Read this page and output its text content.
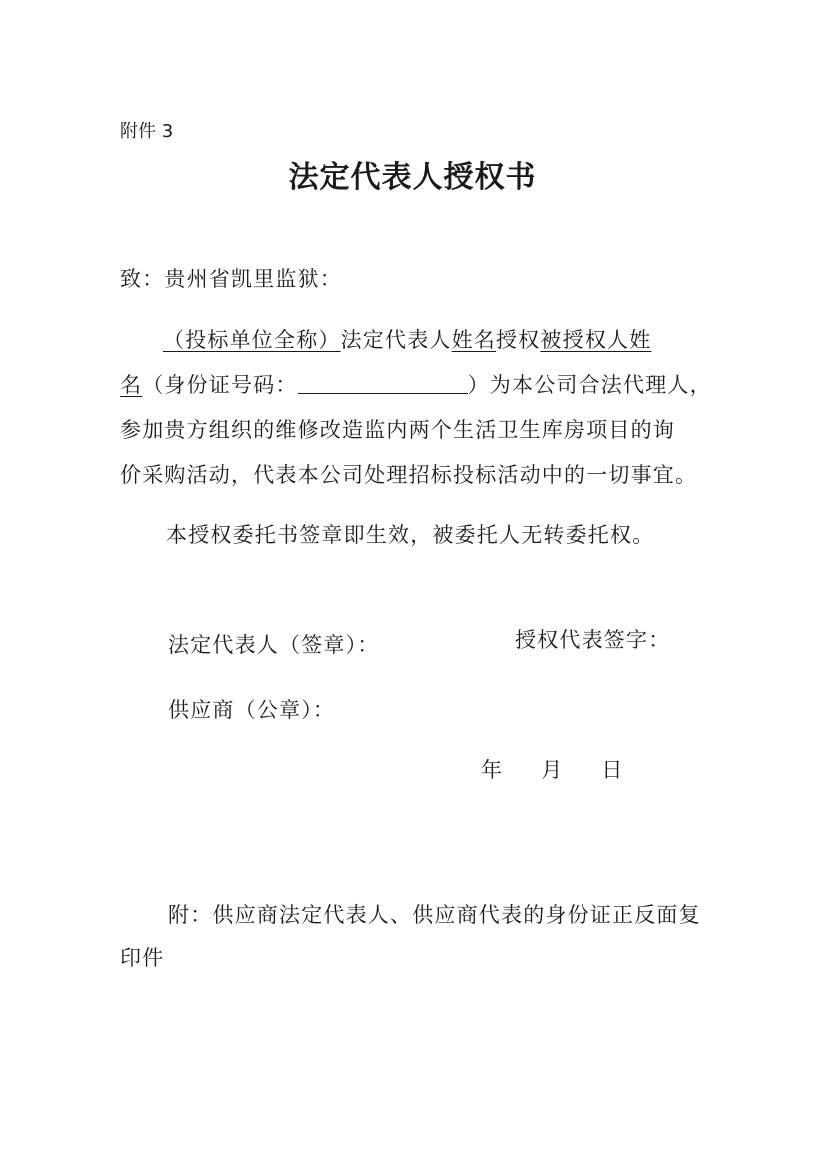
附件 3
法定代表人授权书
致：贵州省凯里监狱：
（投标单位全称）法定代表人姓名授权被授权人姓
名（身份证号码：	）为本公司合法代理人，
参加贵方组织的维修改造监内两个生活卫生库房项目的询
价采购活动，代表本公司处理招标投标活动中的一切事宜。
本授权委托书签章即生效，被委托人无转委托权。
法定代表人（签章）：	授权代表签字：
供应商（公章）：
年 月 日
附：供应商法定代表人、供应商代表的身份证正反面复
印件
